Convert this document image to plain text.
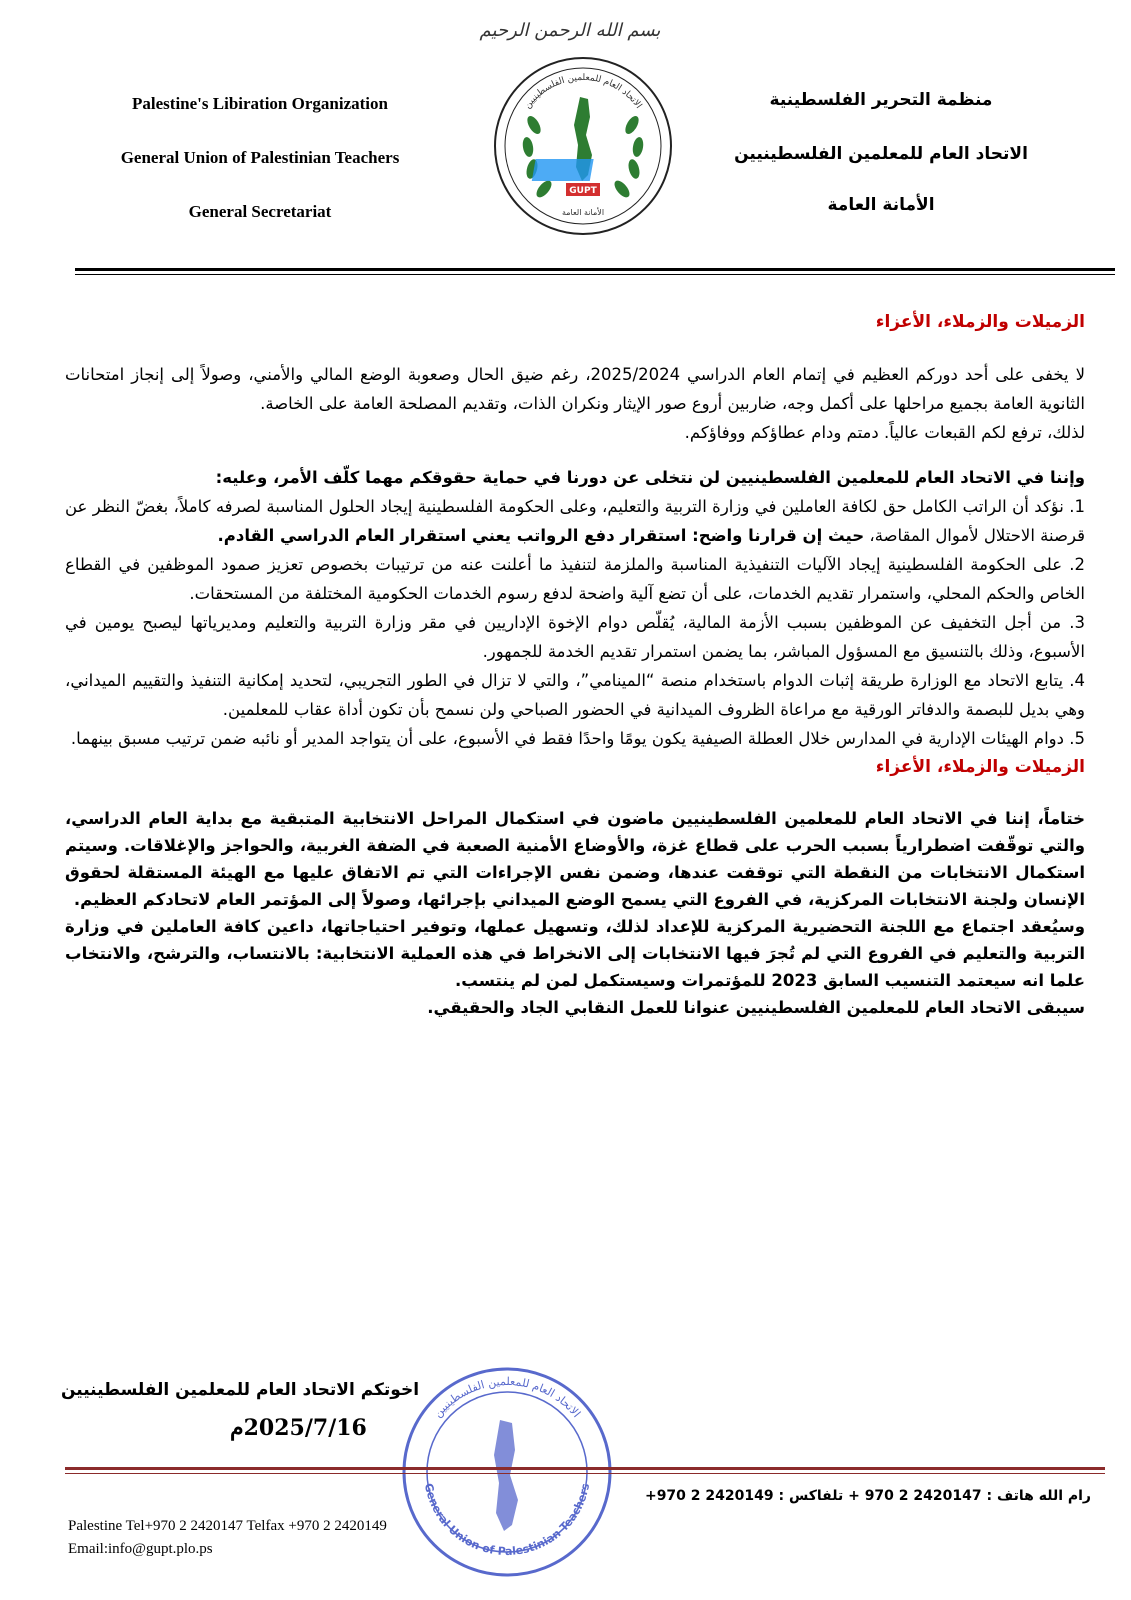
بسم الله الرحمن الرحيم
Palestine's Libiration Organization
General Union of Palestinian Teachers
General Secretariat
منظمة التحرير الفلسطينية
الاتحاد العام للمعلمين الفلسطينيين
الأمانة العامة
الاتحاد العام للمعلمين الفلسطينيين
GUPT
الأمانة العامة

الزميلات والزملاء، الأعزاء

لا يخفى على أحد دوركم العظيم في إتمام العام الدراسي 2025/2024، رغم ضيق الحال وصعوبة الوضع المالي والأمني، وصولاً إلى إنجاز امتحانات الثانوية العامة بجميع مراحلها على أكمل وجه، ضاربين أروع صور الإيثار ونكران الذات، وتقديم المصلحة العامة على الخاصة.

لذلك، ترفع لكم القبعات عالياً. دمتم ودام عطاؤكم ووفاؤكم.

وإننا في الاتحاد العام للمعلمين الفلسطينيين لن نتخلى عن دورنا في حماية حقوقكم مهما كلّف الأمر، وعليه:

1. نؤكد أن الراتب الكامل حق لكافة العاملين في وزارة التربية والتعليم، وعلى الحكومة الفلسطينية إيجاد الحلول المناسبة لصرفه كاملاً، بغضّ النظر عن قرصنة الاحتلال لأموال المقاصة، حيث إن قرارنا واضح: استقرار دفع الرواتب يعني استقرار العام الدراسي القادم.

2. على الحكومة الفلسطينية إيجاد الآليات التنفيذية المناسبة والملزمة لتنفيذ ما أعلنت عنه من ترتيبات بخصوص تعزيز صمود الموظفين في القطاع الخاص والحكم المحلي، واستمرار تقديم الخدمات، على أن تضع آلية واضحة لدفع رسوم الخدمات الحكومية المختلفة من المستحقات.

3. من أجل التخفيف عن الموظفين بسبب الأزمة المالية، يُقلّص دوام الإخوة الإداريين في مقر وزارة التربية والتعليم ومديرياتها ليصبح يومين في الأسبوع، وذلك بالتنسيق مع المسؤول المباشر، بما يضمن استمرار تقديم الخدمة للجمهور.

4. يتابع الاتحاد مع الوزارة طريقة إثبات الدوام باستخدام منصة “المينامي”، والتي لا تزال في الطور التجريبي، لتحديد إمكانية التنفيذ والتقييم الميداني، وهي بديل للبصمة والدفاتر الورقية مع مراعاة الظروف الميدانية في الحضور الصباحي ولن نسمح بأن تكون أداة عقاب للمعلمين.

5. دوام الهيئات الإدارية في المدارس خلال العطلة الصيفية يكون يومًا واحدًا فقط في الأسبوع، على أن يتواجد المدير أو نائبه ضمن ترتيب مسبق بينهما.

الزميلات والزملاء، الأعزاء

ختاماً، إننا في الاتحاد العام للمعلمين الفلسطينيين ماضون في استكمال المراحل الانتخابية المتبقية مع بداية العام الدراسي، والتي توقّفت اضطرارياً بسبب الحرب على قطاع غزة، والأوضاع الأمنية الصعبة في الضفة الغربية، والحواجز والإغلاقات. وسيتم استكمال الانتخابات من النقطة التي توقفت عندها، وضمن نفس الإجراءات التي تم الاتفاق عليها مع الهيئة المستقلة لحقوق الإنسان ولجنة الانتخابات المركزية، في الفروع التي يسمح الوضع الميداني بإجرائها، وصولاً إلى المؤتمر العام لاتحادكم العظيم.

وسيُعقد اجتماع مع اللجنة التحضيرية المركزية للإعداد لذلك، وتسهيل عملها، وتوفير احتياجاتها، داعين كافة العاملين في وزارة التربية والتعليم في الفروع التي لم تُجرَ فيها الانتخابات إلى الانخراط في هذه العملية الانتخابية: بالانتساب، والترشح، والانتخاب علما انه سيعتمد التنسيب السابق 2023 للمؤتمرات وسيستكمل لمن لم ينتسب.

سيبقى الاتحاد العام للمعلمين الفلسطينيين عنوانا للعمل النقابي الجاد والحقيقي.

اخوتكم الاتحاد العام للمعلمين الفلسطينيين
2025/7/16م
الاتحاد العام للمعلمين الفلسطينيين
General Union of Palestinian Teachers
رام الله هاتف : 2420147 2 970 + تلفاكس : 2420149 2 970+
Palestine Tel+970 2 2420147 Telfax +970 2 2420149
Email:info@gupt.plo.ps
